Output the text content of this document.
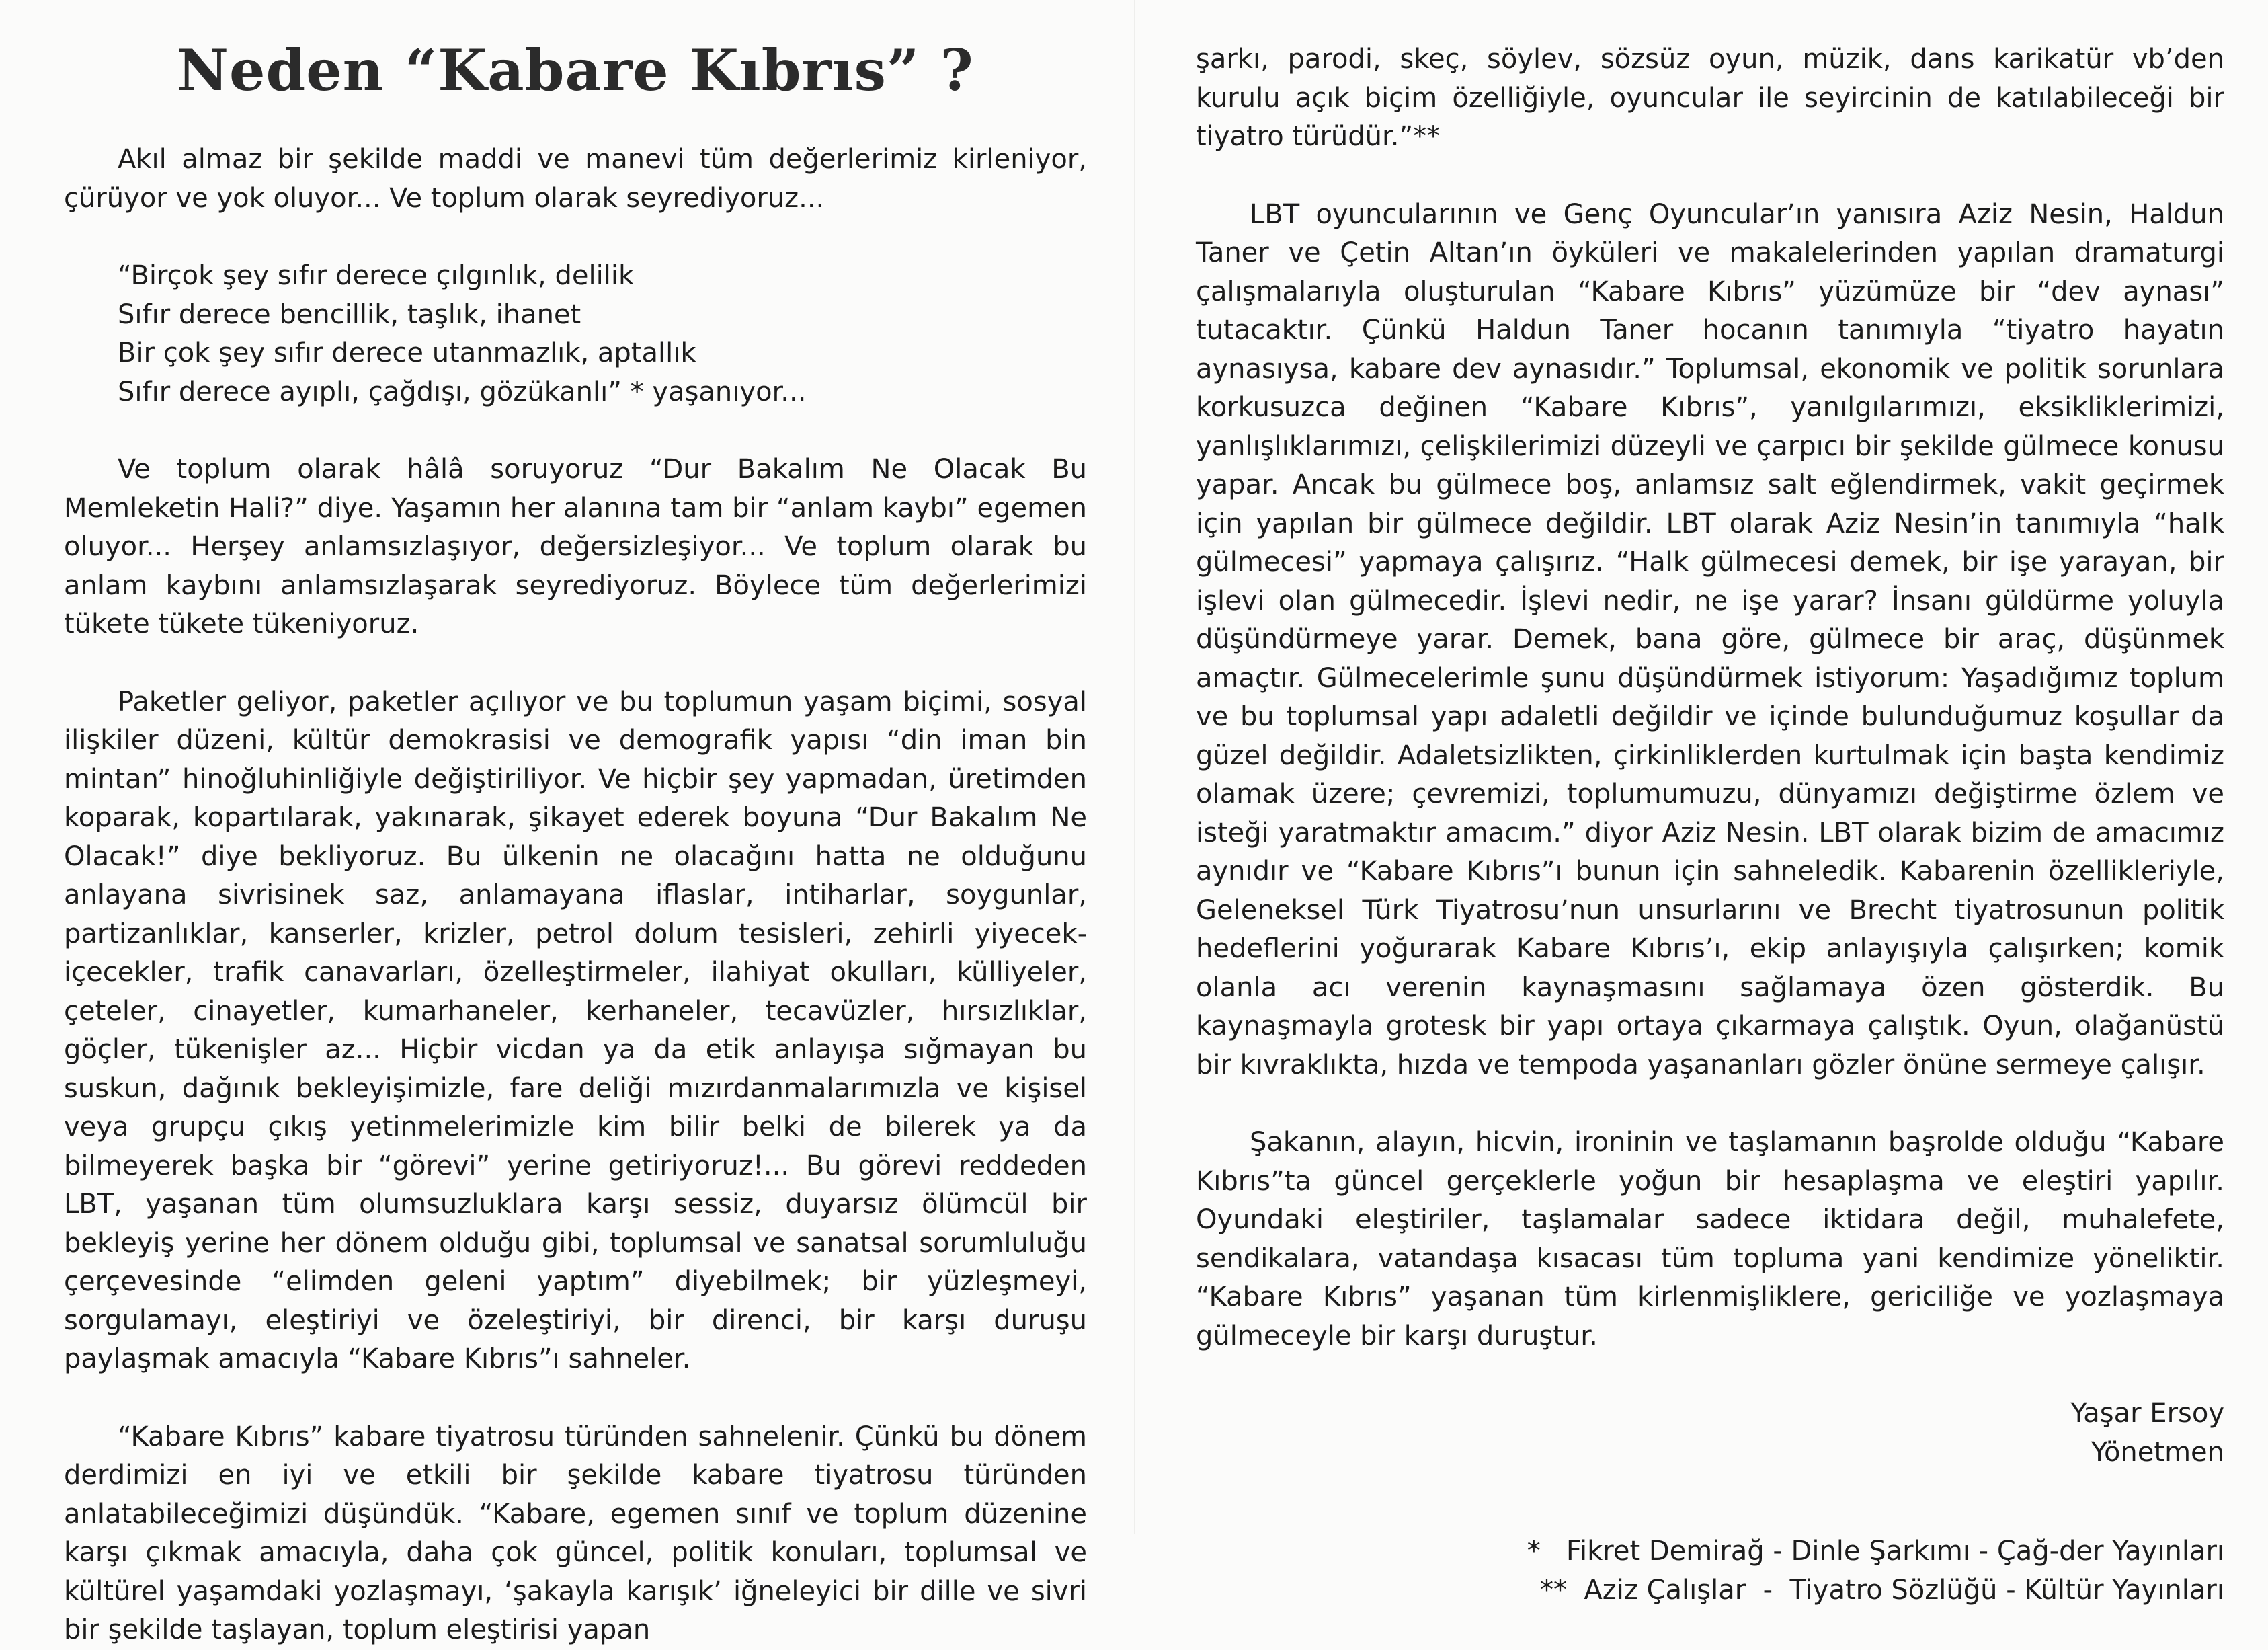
Neden “Kabare Kıbrıs” ?

Akıl almaz bir şekilde maddi ve manevi tüm değerlerimiz kirleniyor, çürüyor ve yok oluyor... Ve toplum olarak seyrediyoruz...

“Birçok şey sıfır derece çılgınlık, delilik
Sıfır derece bencillik, taşlık, ihanet
Bir çok şey sıfır derece utanmazlık, aptallık
Sıfır derece ayıplı, çağdışı, gözükanlı” * yaşanıyor...

Ve toplum olarak hâlâ soruyoruz “Dur Bakalım Ne Olacak Bu Memleketin Hali?” diye. Yaşamın her alanına tam bir “anlam kaybı” egemen oluyor... Herşey anlamsızlaşıyor, değersizleşiyor... Ve toplum olarak bu anlam kaybını anlamsızlaşarak seyrediyoruz. Böylece tüm değerlerimizi tükete tükete tükeniyoruz.

Paketler geliyor, paketler açılıyor ve bu toplumun yaşam biçimi, sosyal ilişkiler düzeni, kültür demokrasisi ve demografik yapısı “din iman bin mintan” hinoğluhinliğiyle değiştiriliyor. Ve hiçbir şey yapmadan, üretimden koparak, kopartılarak, yakınarak, şikayet ederek boyuna “Dur Bakalım Ne Olacak!” diye bekliyoruz. Bu ülkenin ne olacağını hatta ne olduğunu anlayana sivrisinek saz, anlamayana iflaslar, intiharlar, soygunlar, partizanlıklar, kanserler, krizler, petrol dolum tesisleri, zehirli yiyecek-içecekler, trafik canavarları, özelleştirmeler, ilahiyat okulları, külliyeler, çeteler, cinayetler, kumarhaneler, kerhaneler, tecavüzler, hırsızlıklar, göçler, tükenişler az... Hiçbir vicdan ya da etik anlayışa sığmayan bu suskun, dağınık bekleyişimizle, fare deliği mızırdanmalarımızla ve kişisel veya grupçu çıkış yetinmelerimizle kim bilir belki de bilerek ya da bilmeyerek başka bir “görevi” yerine getiriyoruz!... Bu görevi reddeden LBT, yaşanan tüm olumsuzluklara karşı sessiz, duyarsız ölümcül bir bekleyiş yerine her dönem olduğu gibi, toplumsal ve sanatsal sorumluluğu çerçevesinde “elimden geleni yaptım” diyebilmek; bir yüzleşmeyi, sorgulamayı, eleştiriyi ve özeleştiriyi, bir direnci, bir karşı duruşu paylaşmak amacıyla “Kabare Kıbrıs”ı sahneler.

“Kabare Kıbrıs” kabare tiyatrosu türünden sahnelenir. Çünkü bu dönem derdimizi en iyi ve etkili bir şekilde kabare tiyatrosu türünden anlatabileceğimizi düşündük. “Kabare, egemen sınıf ve toplum düzenine karşı çıkmak amacıyla, daha çok güncel, politik konuları, toplumsal ve kültürel yaşamdaki yozlaşmayı, ‘şakayla karışık’ iğneleyici bir dille ve sivri bir şekilde taşlayan, toplum eleştirisi yapan

şarkı, parodi, skeç, söylev, sözsüz oyun, müzik, dans karikatür vb’den kurulu açık biçim özelliğiyle, oyuncular ile seyircinin de katılabileceği bir tiyatro türüdür.”**

LBT oyuncularının ve Genç Oyuncular’ın yanısıra Aziz Nesin, Haldun Taner ve Çetin Altan’ın öyküleri ve makalelerinden yapılan dramaturgi çalışmalarıyla oluşturulan “Kabare Kıbrıs” yüzümüze bir “dev aynası” tutacaktır. Çünkü Haldun Taner hocanın tanımıyla “tiyatro hayatın aynasıysa, kabare dev aynasıdır.” Toplumsal, ekonomik ve politik sorunlara korkusuzca değinen “Kabare Kıbrıs”, yanılgılarımızı, eksikliklerimizi, yanlışlıklarımızı, çelişkilerimizi düzeyli ve çarpıcı bir şekilde gülmece konusu yapar. Ancak bu gülmece boş, anlamsız salt eğlendirmek, vakit geçirmek için yapılan bir gülmece değildir. LBT olarak Aziz Nesin’in tanımıyla “halk gülmecesi” yapmaya çalışırız. “Halk gülmecesi demek, bir işe yarayan, bir işlevi olan gülmecedir. İşlevi nedir, ne işe yarar? İnsanı güldürme yoluyla düşündürmeye yarar. Demek, bana göre, gülmece bir araç, düşünmek amaçtır. Gülmecelerimle şunu düşündürmek istiyorum: Yaşadığımız toplum ve bu toplumsal yapı adaletli değildir ve içinde bulunduğumuz koşullar da güzel değildir. Adaletsizlikten, çirkinliklerden kurtulmak için başta kendimiz olamak üzere; çevremizi, toplumumuzu, dünyamızı değiştirme özlem ve isteği yaratmaktır amacım.” diyor Aziz Nesin. LBT olarak bizim de amacımız aynıdır ve “Kabare Kıbrıs”ı bunun için sahneledik. Kabarenin özellikleriyle, Geleneksel Türk Tiyatrosu’nun unsurlarını ve Brecht tiyatrosunun politik hedeflerini yoğurarak Kabare Kıbrıs’ı, ekip anlayışıyla çalışırken; komik olanla acı verenin kaynaşmasını sağlamaya özen gösterdik. Bu kaynaşmayla grotesk bir yapı ortaya çıkarmaya çalıştık. Oyun, olağanüstü bir kıvraklıkta, hızda ve tempoda yaşananları gözler önüne sermeye çalışır.

Şakanın, alayın, hicvin, ironinin ve taşlamanın başrolde olduğu “Kabare Kıbrıs”ta güncel gerçeklerle yoğun bir hesaplaşma ve eleştiri yapılır. Oyundaki eleştiriler, taşlamalar sadece iktidara değil, muhalefete, sendikalara, vatandaşa kısacası tüm topluma yani kendimize yöneliktir. “Kabare Kıbrıs” yaşanan tüm kirlenmişliklere, gericiliğe ve yozlaşmaya gülmeceyle bir karşı duruştur.

Yaşar Ersoy
Yönetmen
*   Fikret Demirağ - Dinle Şarkımı - Çağ-der Yayınları
**  Aziz Çalışlar  -  Tiyatro Sözlüğü - Kültür Yayınları
